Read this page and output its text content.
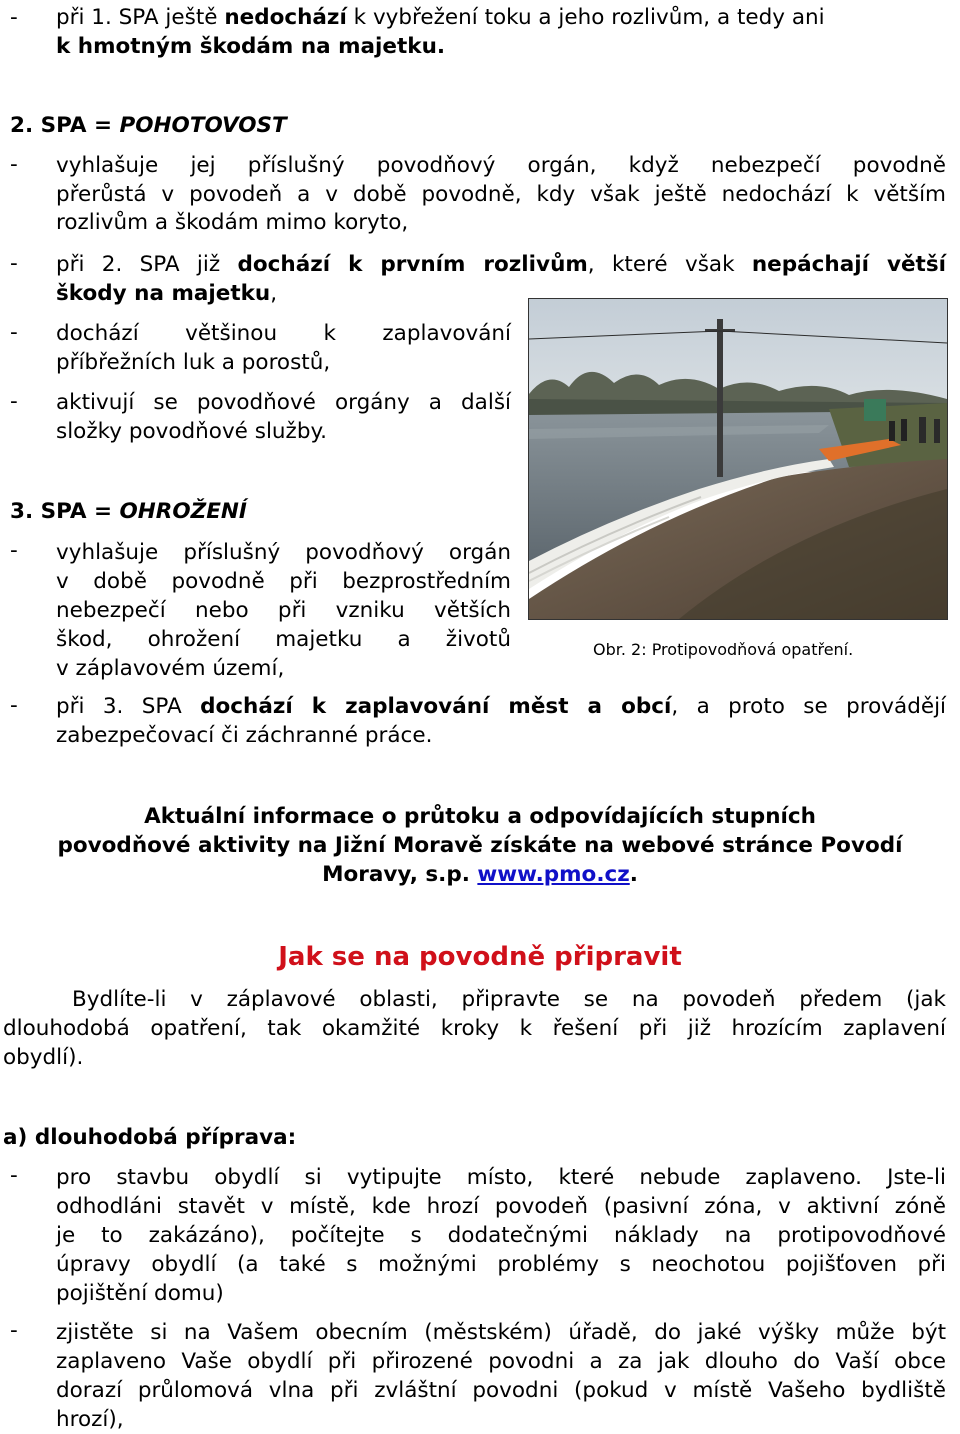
- při 1. SPA ještě nedochází k vybřežení toku a jeho rozlivům, a tedy ani
k hmotným škodám na majetku.
2. SPA = POHOTOVOST
- vyhlašuje jej příslušný povodňový orgán, když nebezpečí povodně
přerůstá v povodeň a v době povodně, kdy však ještě nedochází k větším
rozlivům a škodám mimo koryto,
- při 2. SPA již dochází k prvním rozlivům, které však nepáchají větší
škody na majetku,
- dochází většinou k zaplavování
příbřežních luk a porostů,
- aktivují se povodňové orgány a další
složky povodňové služby.
Obr. 2: Protipovodňová opatření.
3. SPA = OHROŽENÍ
- vyhlašuje příslušný povodňový orgán
v době povodně při bezprostředním
nebezpečí nebo při vzniku větších
škod, ohrožení majetku a životů
v záplavovém území,
- při 3. SPA dochází k zaplavování měst a obcí, a proto se provádějí
zabezpečovací či záchranné práce.
Aktuální informace o průtoku a odpovídajících stupních
povodňové aktivity na Jižní Moravě získáte na webové stránce Povodí
Moravy, s.p. www.pmo.cz.
Jak se na povodně připravit
Bydlíte-li v záplavové oblasti, připravte se na povodeň předem (jak
dlouhodobá opatření, tak okamžité kroky k řešení při již hrozícím zaplavení
obydlí).
a) dlouhodobá příprava:
- pro stavbu obydlí si vytipujte místo, které nebude zaplaveno. Jste-li
odhodláni stavět v místě, kde hrozí povodeň (pasivní zóna, v aktivní zóně
je to zakázáno), počítejte s dodatečnými náklady na protipovodňové
úpravy obydlí (a také s možnými problémy s neochotou pojišťoven při
pojištění domu)
- zjistěte si na Vašem obecním (městském) úřadě, do jaké výšky může být
zaplaveno Vaše obydlí při přirozené povodni a za jak dlouho do Vaší obce
dorazí průlomová vlna při zvláštní povodni (pokud v místě Vašeho bydliště
hrozí),
